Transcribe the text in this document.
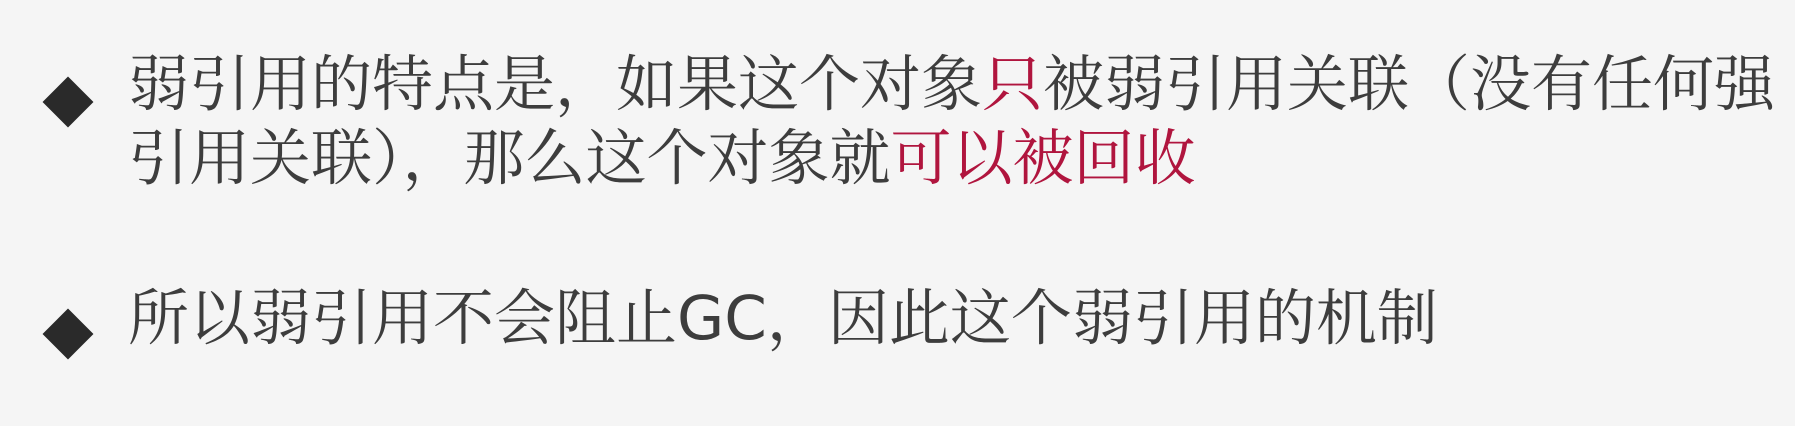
弱引用的特点是，如果这个对象只被弱引用关联（没有任何强引用关联），那么这个对象就可以被回收
所以弱引用不会阻止GC，因此这个弱引用的机制
